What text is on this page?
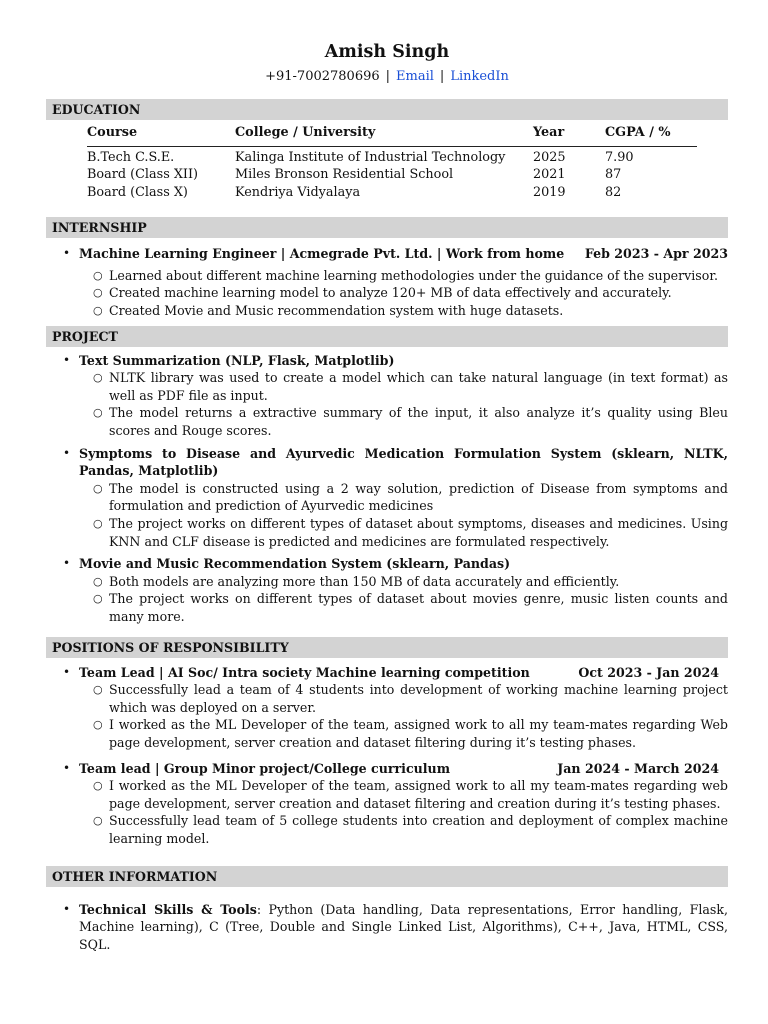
Amish Singh
+91-7002780696 | Email | LinkedIn
EDUCATION
Course	College / University	Year	CGPA / %
B.Tech C.S.E.	Kalinga Institute of Industrial Technology	2025	7.90
Board (Class XII)	Miles Bronson Residential School	2021	87
Board (Class X)	Kendriya Vidyalaya	2019	82
INTERNSHIP
• Machine Learning Engineer | Acmegrade Pvt. Ltd. | Work from home Feb 2023 - Apr 2023
○ Learned about different machine learning methodologies under the guidance of the supervisor.
○ Created machine learning model to analyze 120+ MB of data effectively and accurately.
○ Created Movie and Music recommendation system with huge datasets.
PROJECT
• Text Summarization (NLP, Flask, Matplotlib)
○ NLTK library was used to create a model which can take natural language (in text format) as well as PDF file as input.
○ The model returns a extractive summary of the input, it also analyze it’s quality using Bleu scores and Rouge scores.
• Symptoms to Disease and Ayurvedic Medication Formulation System (sklearn, NLTK, Pandas, Matplotlib)
○ The model is constructed using a 2 way solution, prediction of Disease from symptoms and formulation and prediction of Ayurvedic medicines
○ The project works on different types of dataset about symptoms, diseases and medicines. Using KNN and CLF disease is predicted and medicines are formulated respectively.
• Movie and Music Recommendation System (sklearn, Pandas)
○ Both models are analyzing more than 150 MB of data accurately and efficiently.
○ The project works on different types of dataset about movies genre, music listen counts and many more.
POSITIONS OF RESPONSIBILITY
• Team Lead | AI Soc/ Intra society Machine learning competition	Oct 2023 - Jan 2024
○ Successfully lead a team of 4 students into development of working machine learning project which was deployed on a server.
○ I worked as the ML Developer of the team, assigned work to all my team-mates regarding Web page development, server creation and dataset filtering during it’s testing phases.
• Team lead | Group Minor project/College curriculum	Jan 2024 - March 2024
○ I worked as the ML Developer of the team, assigned work to all my team-mates regarding web page development, server creation and dataset filtering and creation during it’s testing phases.
○ Successfully lead team of 5 college students into creation and deployment of complex machine learning model.
OTHER INFORMATION
• Technical Skills & Tools: Python (Data handling, Data representations, Error handling, Flask, Machine learning), C (Tree, Double and Single Linked List, Algorithms), C++, Java, HTML, CSS, SQL.
